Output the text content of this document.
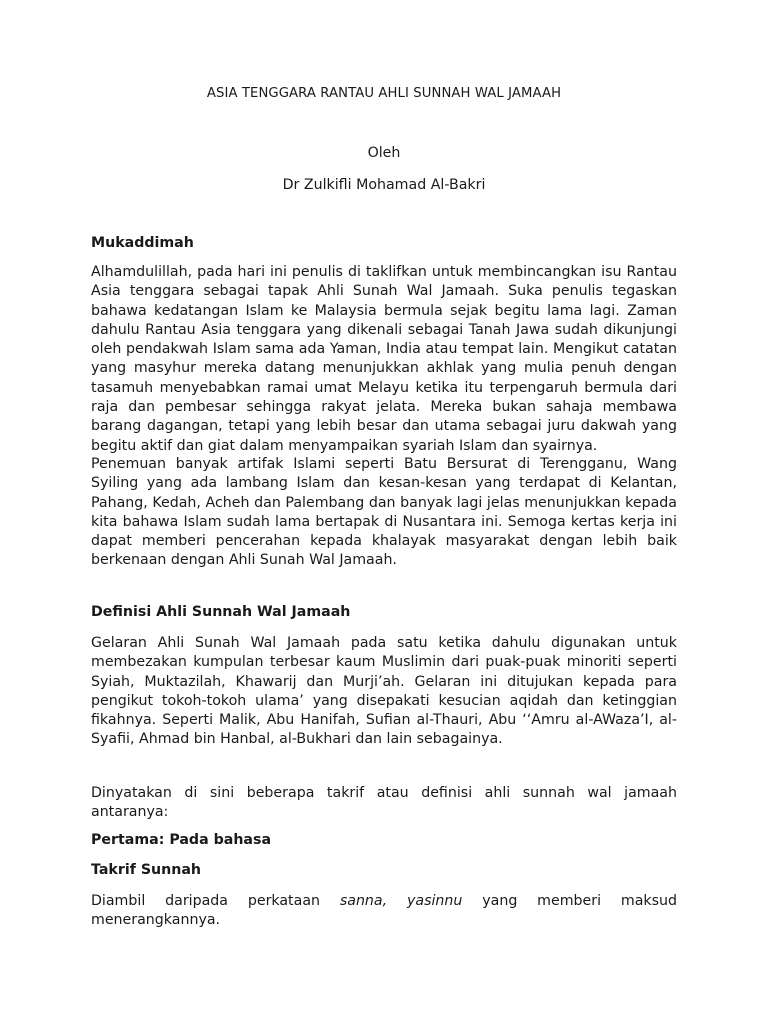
ASIA TENGGARA RANTAU AHLI SUNNAH WAL JAMAAH
Oleh
Dr Zulkifli Mohamad Al-Bakri
Mukaddimah

Alhamdulillah, pada hari ini penulis di taklifkan untuk membincangkan isu Rantau Asia tenggara sebagai tapak Ahli Sunah Wal Jamaah. Suka penulis tegaskan bahawa kedatangan Islam ke Malaysia bermula sejak begitu lama lagi. Zaman dahulu Rantau Asia tenggara yang dikenali sebagai Tanah Jawa sudah dikunjungi oleh pendakwah Islam sama ada Yaman, India atau tempat lain. Mengikut catatan yang masyhur mereka datang menunjukkan akhlak yang mulia penuh dengan tasamuh menyebabkan ramai umat Melayu ketika itu terpengaruh bermula dari raja dan pembesar sehingga rakyat jelata. Mereka bukan sahaja membawa barang dagangan, tetapi yang lebih besar dan utama sebagai juru dakwah yang begitu aktif dan giat dalam menyampaikan syariah Islam dan syairnya.

Penemuan banyak artifak Islami seperti Batu Bersurat di Terengganu, Wang Syiling yang ada lambang Islam dan kesan-kesan yang terdapat di Kelantan, Pahang, Kedah, Acheh dan Palembang dan banyak lagi jelas menunjukkan kepada kita bahawa Islam sudah lama bertapak di Nusantara ini. Semoga kertas kerja ini dapat memberi pencerahan kepada khalayak masyarakat dengan lebih baik berkenaan dengan Ahli Sunah Wal Jamaah.

Definisi Ahli Sunnah Wal Jamaah

Gelaran Ahli Sunah Wal Jamaah pada satu ketika dahulu digunakan untuk membezakan kumpulan terbesar kaum Muslimin dari puak-puak minoriti seperti Syiah, Muktazilah, Khawarij dan Murji’ah. Gelaran ini ditujukan kepada para pengikut tokoh-tokoh ulama’ yang disepakati kesucian aqidah dan ketinggian fikahnya. Seperti Malik, Abu Hanifah, Sufian al-Thauri, Abu ‘‘Amru al-AWaza’I, al-Syafii, Ahmad bin Hanbal, al-Bukhari dan lain sebagainya.

Dinyatakan di sini beberapa takrif atau definisi ahli sunnah wal jamaah antaranya:

Pertama: Pada bahasa
Takrif Sunnah

Diambil daripada perkataan sanna, yasinnu yang memberi maksud menerangkannya.
